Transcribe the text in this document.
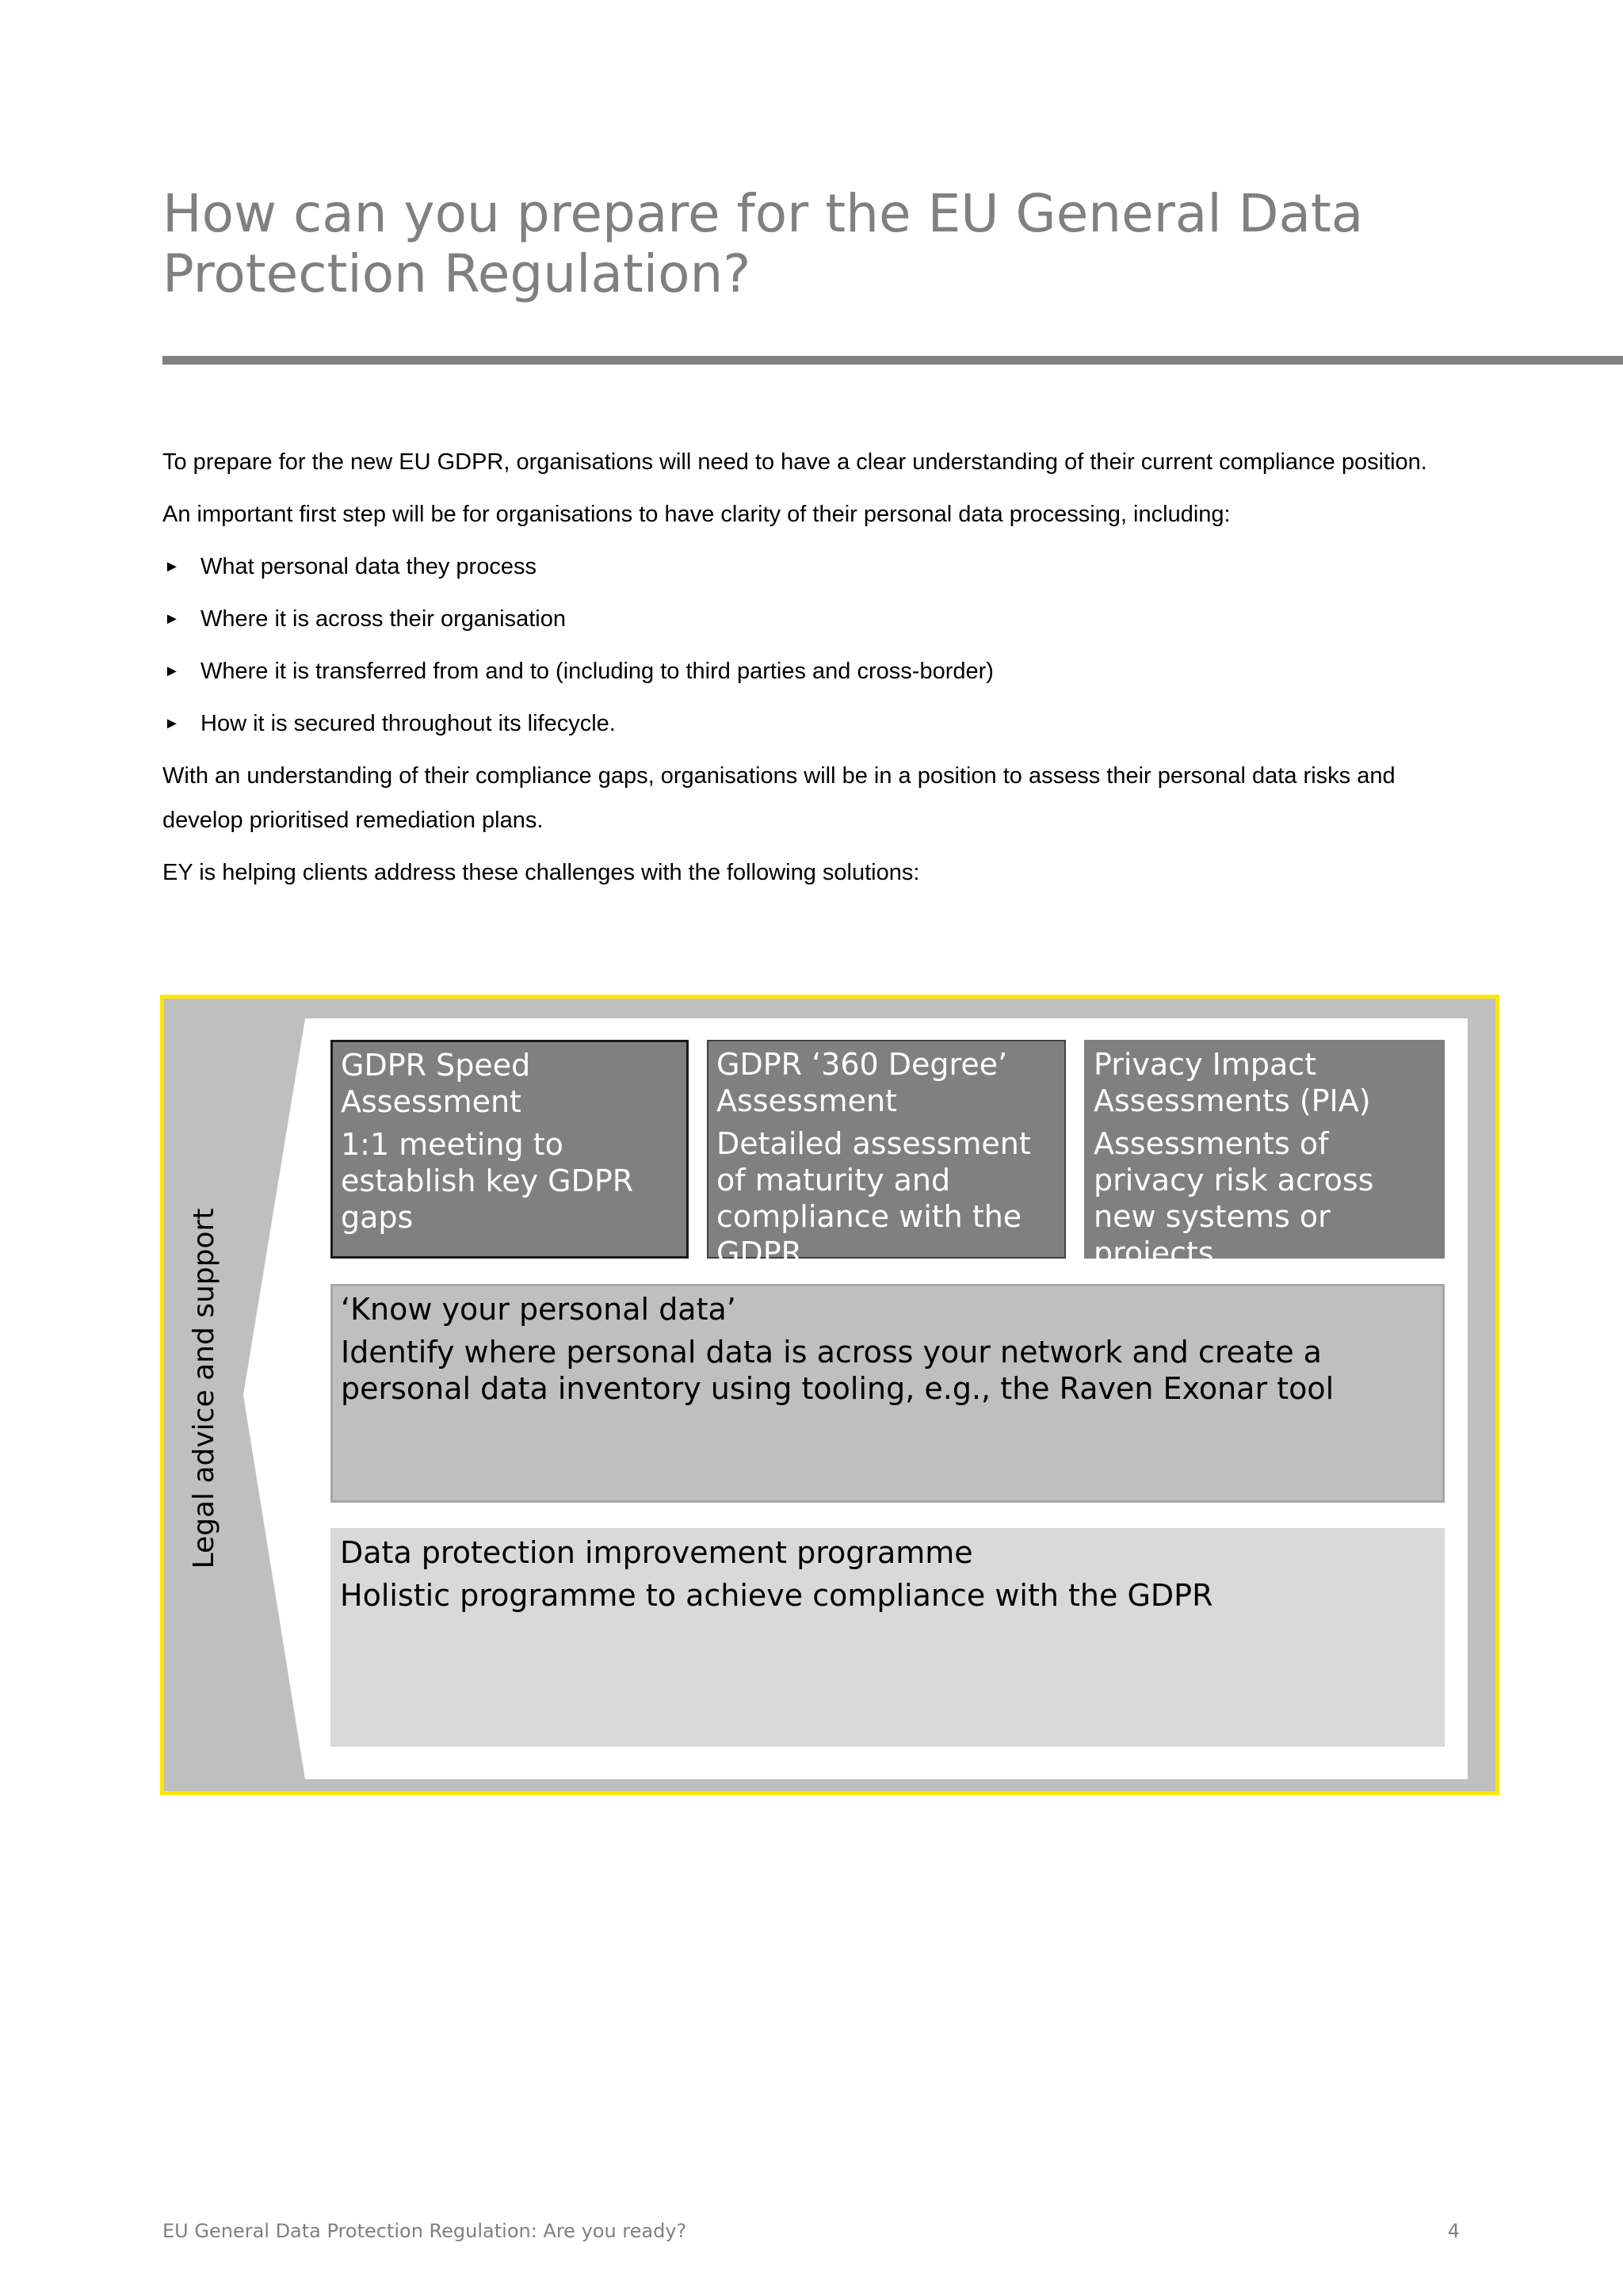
How can you prepare for the EU General Data
Protection Regulation?

To prepare for the new EU GDPR, organisations will need to have a clear understanding of their current compliance position.

An important first step will be for organisations to have clarity of their personal data processing, including:

► What personal data they process
► Where it is across their organisation
► Where it is transferred from and to (including to third parties and cross-border)
► How it is secured throughout its lifecycle.

With an understanding of their compliance gaps, organisations will be in a position to assess their personal data risks and develop prioritised remediation plans.

EY is helping clients address these challenges with the following solutions:

Legal advice and support
GDPR Speed Assessment
1:1 meeting to establish key GDPR gaps
GDPR ‘360 Degree’ Assessment
Detailed assessment of maturity and compliance with the GDPR
Privacy Impact Assessments (PIA)
Assessments of privacy risk across new systems or projects
‘Know your personal data’
Identify where personal data is across your network and create a personal data inventory using tooling, e.g., the Raven Exonar tool
Data protection improvement programme
Holistic programme to achieve compliance with the GDPR
EU General Data Protection Regulation: Are you ready?	4
